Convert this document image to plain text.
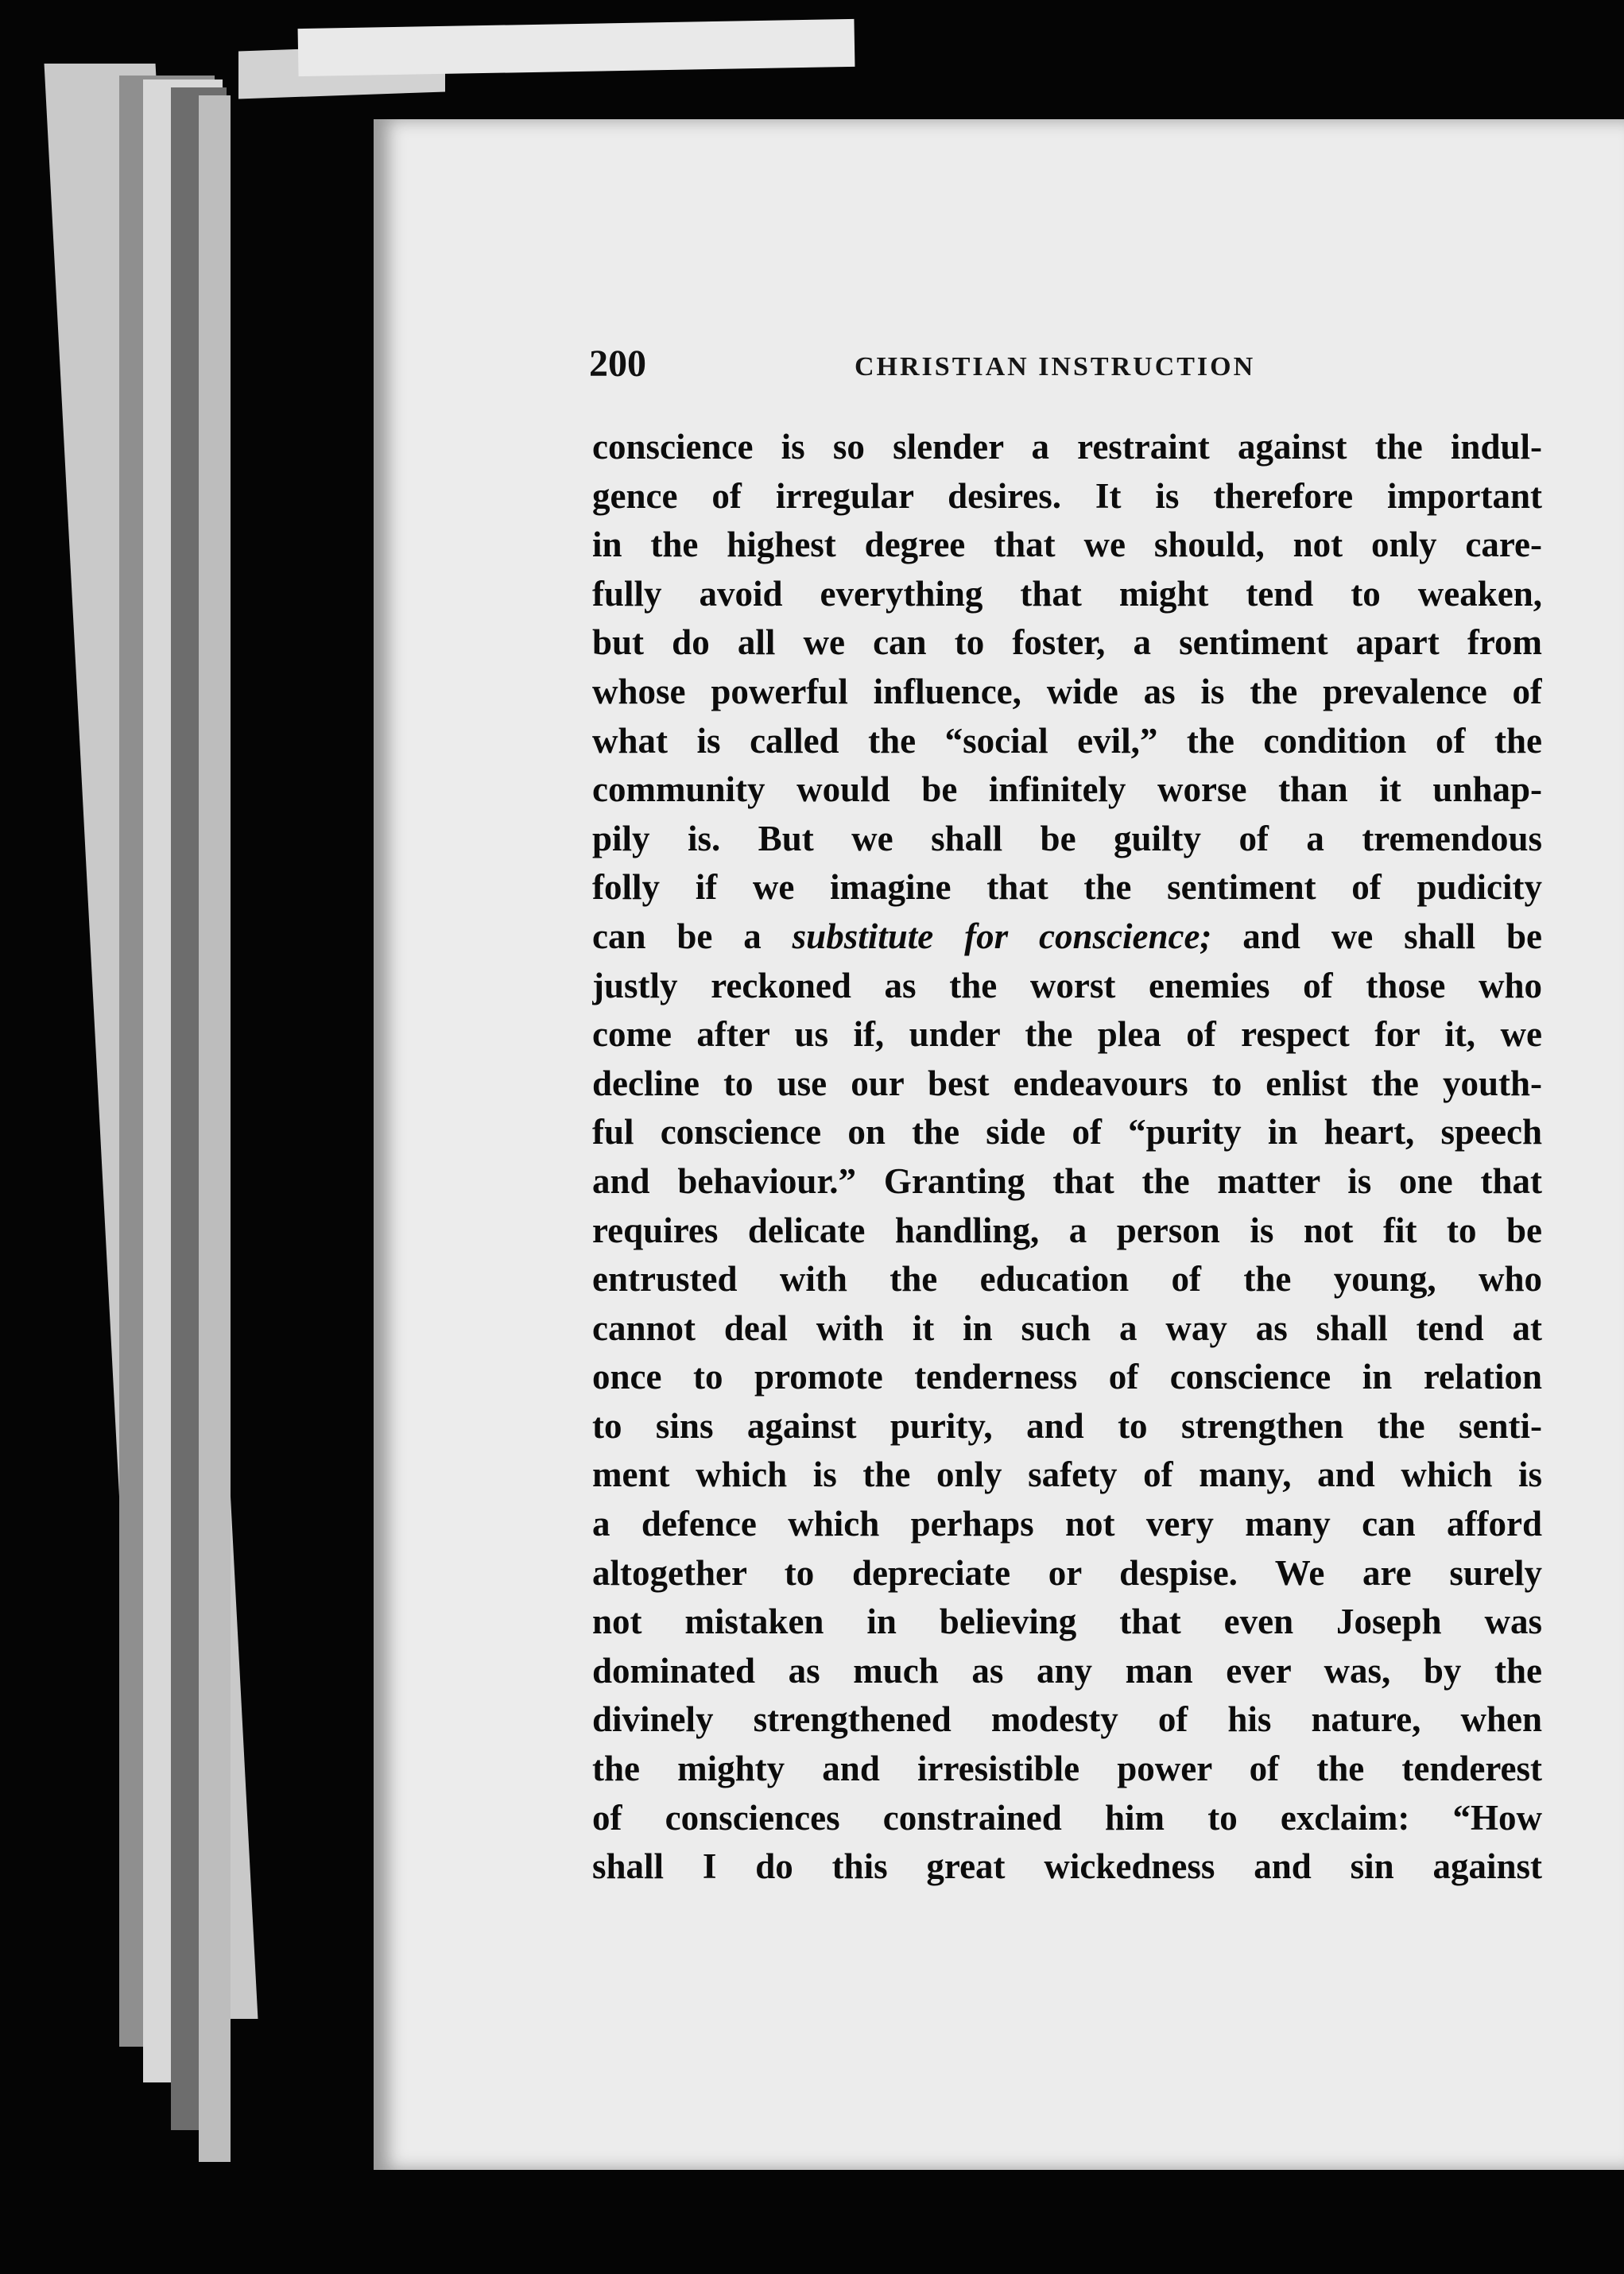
200	CHRISTIAN INSTRUCTION
conscience is so slender a restraint against the indul-
gence of irregular desires. It is therefore important
in the highest degree that we should, not only care-
fully avoid everything that might tend to weaken,
but do all we can to foster, a sentiment apart from
whose powerful influence, wide as is the prevalence of
what is called the “social evil,” the condition of the
community would be infinitely worse than it unhap-
pily is. But we shall be guilty of a tremendous
folly if we imagine that the sentiment of pudicity
can be a substitute for conscience; and we shall be
justly reckoned as the worst enemies of those who
come after us if, under the plea of respect for it, we
decline to use our best endeavours to enlist the youth-
ful conscience on the side of “purity in heart, speech
and behaviour.” Granting that the matter is one that
requires delicate handling, a person is not fit to be
entrusted with the education of the young, who
cannot deal with it in such a way as shall tend at
once to promote tenderness of conscience in relation
to sins against purity, and to strengthen the senti-
ment which is the only safety of many, and which is
a defence which perhaps not very many can afford
altogether to depreciate or despise. We are surely
not mistaken in believing that even Joseph was
dominated as much as any man ever was, by the
divinely strengthened modesty of his nature, when
the mighty and irresistible power of the tenderest
of consciences constrained him to exclaim: “How
shall I do this great wickedness and sin against
